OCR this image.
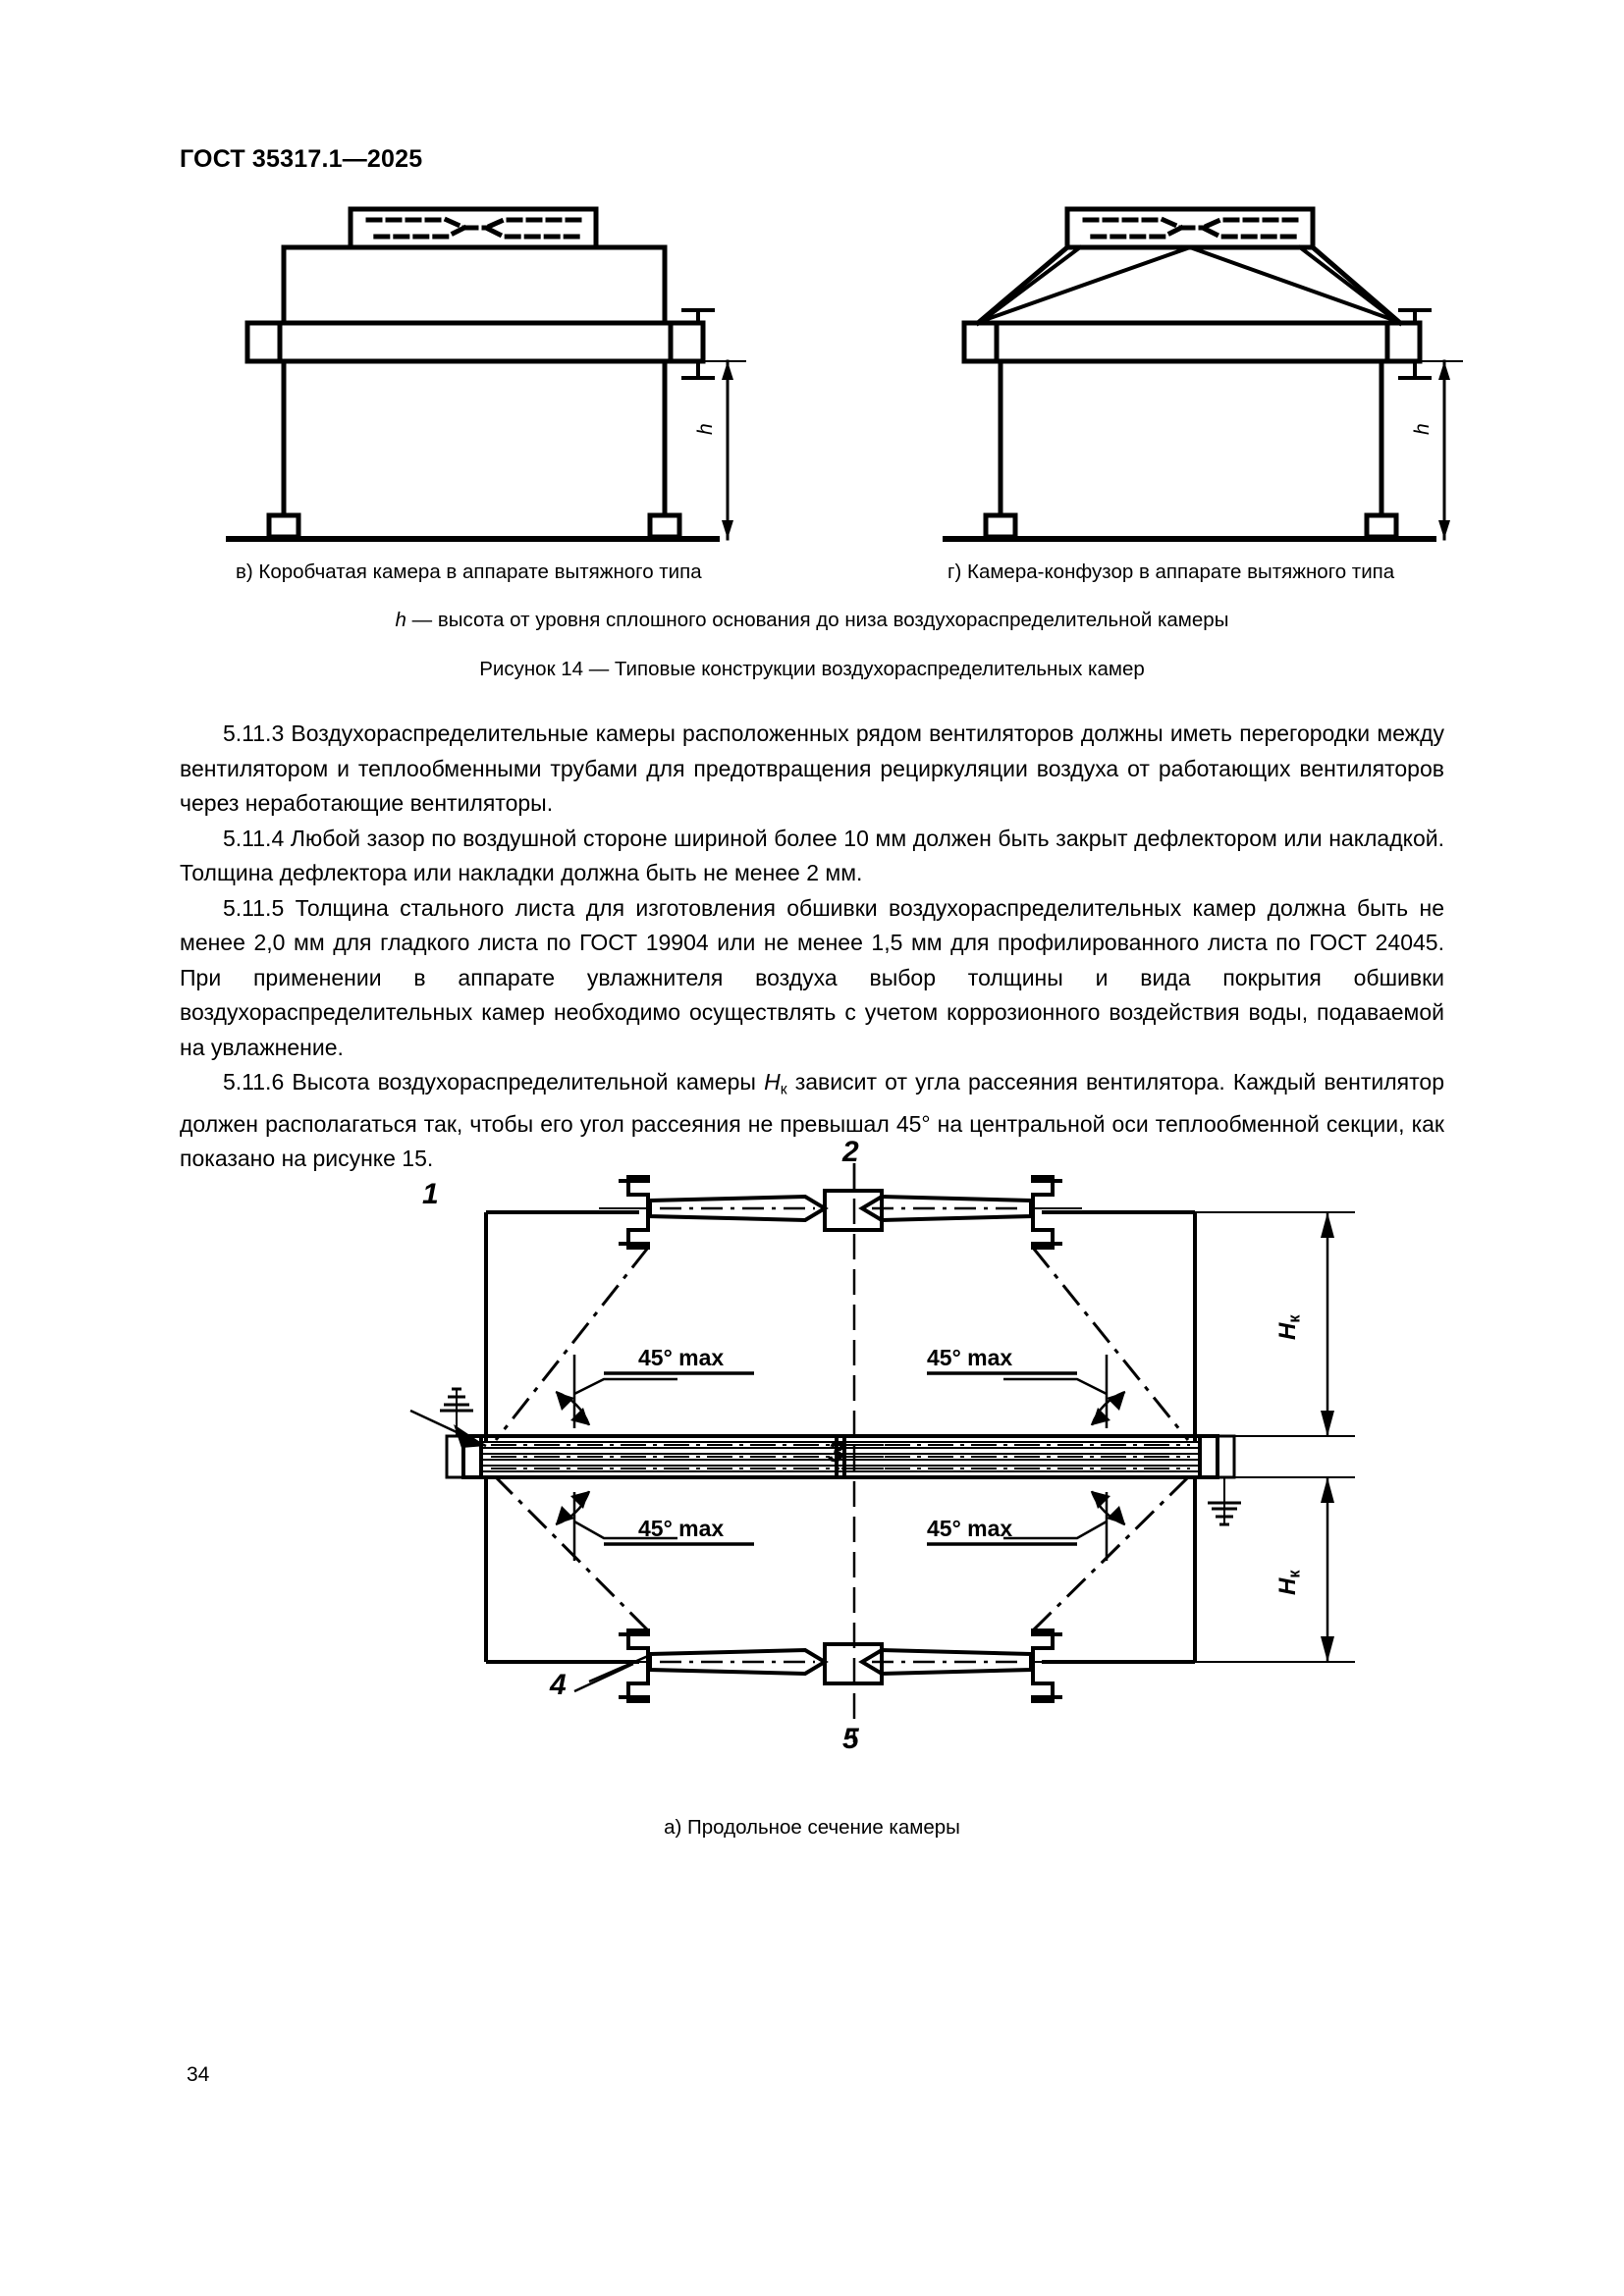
ГОСТ 35317.1—2025
h	h
в) Коробчатая камера в аппарате вытяжного типа	г) Камера-конфузор в аппарате вытяжного типа
h — высота от уровня сплошного основания до низа воздухораспределительной камеры
Рисунок 14 — Типовые конструкции воздухораспределительных камер

5.11.3 Воздухораспределительные камеры расположенных рядом вентиляторов должны иметь перегородки между вентилятором и теплообменными трубами для предотвращения рециркуляции воздуха от работающих вентиляторов через неработающие вентиляторы.

5.11.4 Любой зазор по воздушной стороне шириной более 10 мм должен быть закрыт дефлектором или накладкой. Толщина дефлектора или накладки должна быть не менее 2 мм.

5.11.5 Толщина стального листа для изготовления обшивки воздухораспределительных камер должна быть не менее 2,0 мм для гладкого листа по ГОСТ 19904 или не менее 1,5 мм для профилированного листа по ГОСТ 24045. При применении в аппарате увлажнителя воздуха выбор толщины и вида покрытия обшивки воздухораспределительных камер необходимо осуществлять с учетом коррозионного воздействия воды, подаваемой на увлажнение.

5.11.6 Высота воздухораспределительной камеры $H_к$ зависит от угла рассеяния вентилятора. Каждый вентилятор должен располагаться так, чтобы его угол рассеяния не превышал 45° на центральной оси теплообменной секции, как показано на рисунке 15.

1
2
3
4
5
45° max	45° max
45° max	45° max
$H_к$
$H_к$
а) Продольное сечение камеры
34
